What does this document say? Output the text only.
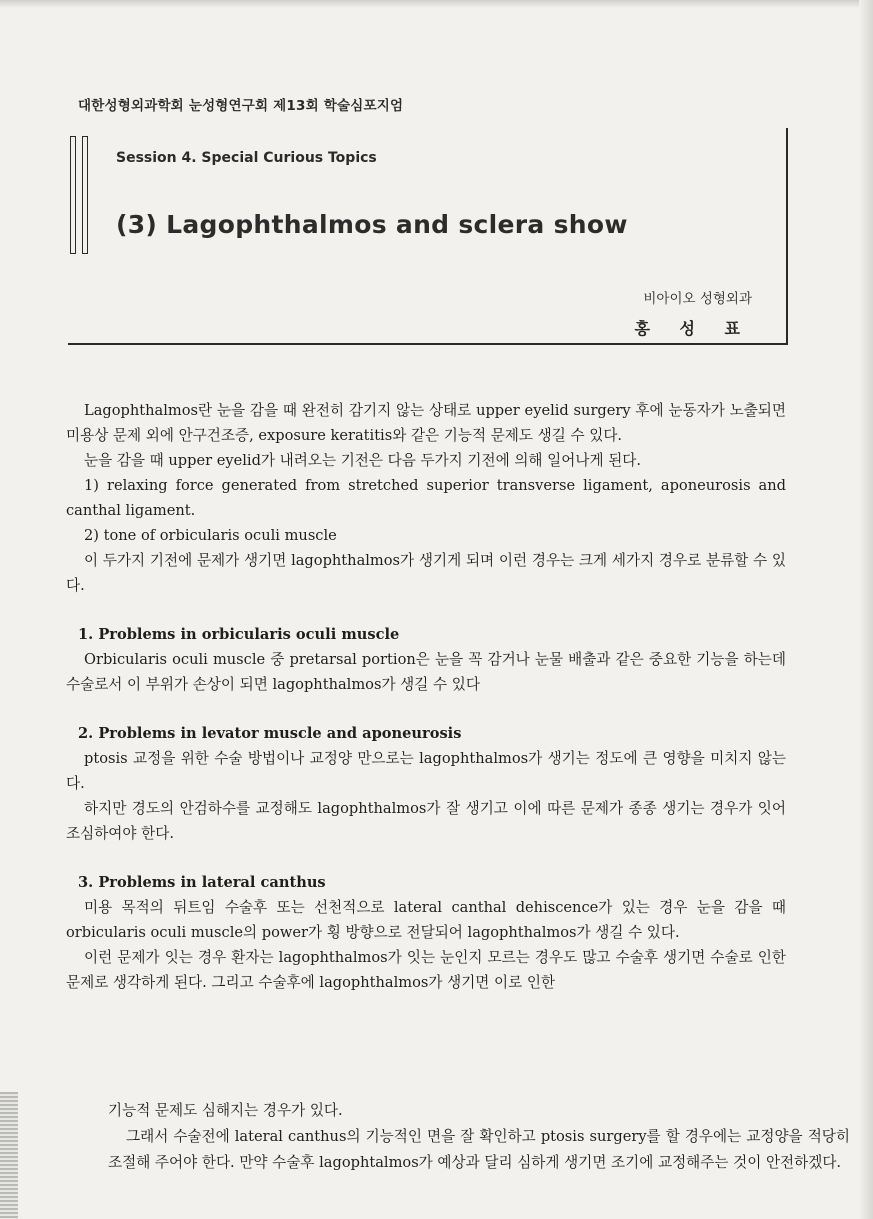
대한성형외과학회 눈성형연구회 제13회 학술심포지엄
Session 4. Special Curious Topics
(3) Lagophthalmos and sclera show
비아이오 성형외과
홍 성 표

Lagophthalmos란 눈을 감을 때 완전히 감기지 않는 상태로 upper eyelid surgery 후에 눈동자가 노출되면 미용상 문제 외에 안구건조증, exposure keratitis와 같은 기능적 문제도 생길 수 있다.

눈을 감을 때 upper eyelid가 내려오는 기전은 다음 두가지 기전에 의해 일어나게 된다.

1) relaxing force generated from stretched superior transverse ligament, aponeurosis and canthal ligament.

2) tone of orbicularis oculi muscle

이 두가지 기전에 문제가 생기면 lagophthalmos가 생기게 되며 이런 경우는 크게 세가지 경우로 분류할 수 있다.

1. Problems in orbicularis oculi muscle

Orbicularis oculi muscle 중 pretarsal portion은 눈을 꼭 감거나 눈물 배출과 같은 중요한 기능을 하는데 수술로서 이 부위가 손상이 되면 lagophthalmos가 생길 수 있다

2. Problems in levator muscle and aponeurosis

ptosis 교정을 위한 수술 방법이나 교정양 만으로는 lagophthalmos가 생기는 정도에 큰 영향을 미치지 않는다.

하지만 경도의 안검하수를 교정해도 lagophthalmos가 잘 생기고 이에 따른 문제가 종종 생기는 경우가 잇어 조심하여야 한다.

3. Problems in lateral canthus

미용 목적의 뒤트임 수술후 또는 선천적으로 lateral canthal dehiscence가 있는 경우 눈을 감을 때 orbicularis oculi muscle의 power가 횡 방향으로 전달되어 lagophthalmos가 생길 수 있다.

이런 문제가 잇는 경우 환자는 lagophthalmos가 잇는 눈인지 모르는 경우도 많고 수술후 생기면 수술로 인한 문제로 생각하게 된다. 그리고 수술후에 lagophthalmos가 생기면 이로 인한

기능적 문제도 심해지는 경우가 있다.

그래서 수술전에 lateral canthus의 기능적인 면을 잘 확인하고 ptosis surgery를 할 경우에는 교정양을 적당히 조절해 주어야 한다. 만약 수술후 lagophtalmos가 예상과 달리 심하게 생기면 조기에 교정해주는 것이 안전하겠다.
